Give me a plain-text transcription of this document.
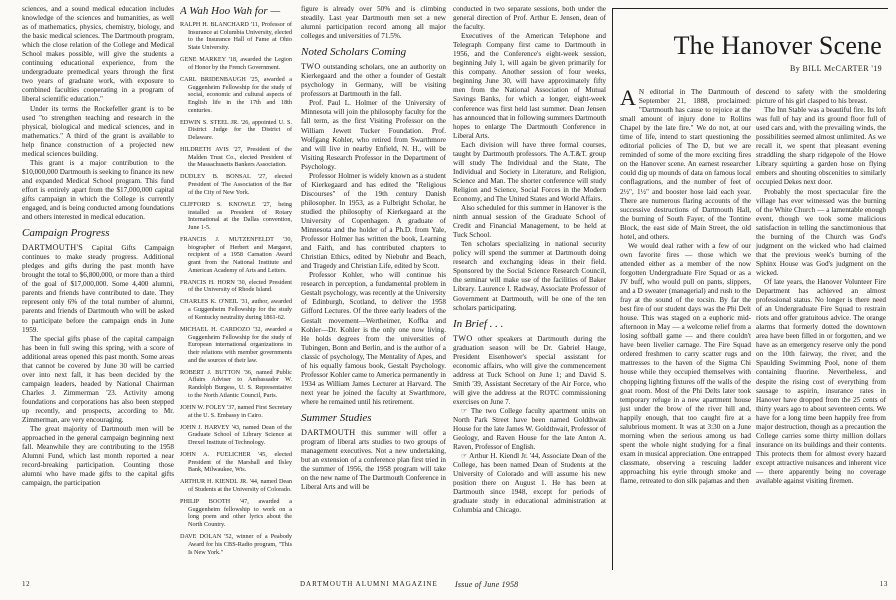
sciences, and a sound medical education includes knowledge of the sciences and humanities, as well as of mathematics, physics, chemistry, biology, and the basic medical sciences. The Dartmouth program, which the close relation of the College and Medical School makes possible, will give the students a continuing educational experience, from the undergraduate premedical years through the first two years of graduate work, with exposure to combined faculties cooperating in a program of liberal scientific education."

Under its terms the Rockefeller grant is to be used "to strengthen teaching and research in the physical, biological and medical sciences, and in mathematics." A third of the grant is available to help finance construction of a projected new medical sciences building.

This grant is a major contribution to the $10,000,000 Dartmouth is seeking to finance its new and expanded Medical School program. This fund effort is entirely apart from the $17,000,000 capital gifts campaign in which the College is currently engaged, and is being conducted among foundations and others interested in medical education.

Campaign Progress

DARTMOUTH'S Capital Gifts Campaign continues to make steady progress. Additional pledges and gifts during the past month have brought the total to $6,800,000, or more than a third of the goal of $17,000,000. Some 4,400 alumni, parents and friends have contributed to date. They represent only 6% of the total number of alumni, parents and friends of Dartmouth who will be asked to participate before the campaign ends in June 1959.

The special gifts phase of the capital campaign has been in full swing this spring, with a score of additional areas opened this past month. Some areas that cannot be covered by June 30 will be carried over into next fall, it has been decided by the campaign leaders, headed by National Chairman Charles J. Zimmerman '23. Activity among foundations and corporations has also been stepped up recently, and prospects, according to Mr. Zimmerman, are very encouraging.

The great majority of Dartmouth men will be approached in the general campaign beginning next fall. Meanwhile they are contributing to the 1958 Alumni Fund, which last month reported a near record-breaking participation. Counting those alumni who have made gifts to the capital gifts campaign, the participation

A Wah Hoo Wah for —

RALPH H. BLANCHARD '11, Professor of Insurance at Columbia University, elected to the Insurance Hall of Fame at Ohio State University.

GENE MARKEY '18, awarded the Legion of Honor by the French Government.

CARL BRIDENBAUGH '25, awarded a Guggenheim Fellowship for the study of social, economic and cultural aspects of English life in the 17th and 18th centuries.

EDWIN S. STEEL JR. '26, appointed U. S. District Judge for the District of Delaware.

HILDRETH AVIS '27, President of the Malden Trust Co., elected President of the Massachusetts Bankers Association.

DUDLEY B. BONSAL '27, elected President of The Association of the Bar of the City of New York.

CLIFFORD S. KNOWLE '27, being installed as President of Rotary International at the Dallas convention, June 1-5.

FRANCIS J. MUTZENFELDT '30, biographer of Herbert and Margaret, recipient of a 1958 Carnation Award grant from the National Institute and American Academy of Arts and Letters.

FRANCIS H. HORN '30, elected President of the University of Rhode Island.

CHARLES K. O'NEIL '31, author, awarded a Guggenheim Fellowship for the study of Kentucky neutrality during 1861-62.

MICHAEL H. CARDOZO '32, awarded a Guggenheim Fellowship for the study of European international organizations in their relations with member governments and the sources of their law.

ROBERT J. BUTTON '36, named Public Affairs Adviser to Ambassador W. Randolph Burgess, U. S. Representative to the North Atlantic Council, Paris.

JOHN W. FOLEY '37, named First Secretary at the U. S. Embassy in Cairo.

JOHN J. HARVEY '43, named Dean of the Graduate School of Library Science at Drexel Institute of Technology.

JOHN A. FUELICHER '45, elected President of the Marshall and Ilsley Bank, Milwaukee, Wis.

ARTHUR H. KIENDL JR. '44, named Dean of Students at the University of Colorado.

PHILIP BOOTH '47, awarded a Guggenheim fellowship to work on a long poem and other lyrics about the North Country.

DAVE DOLAN '52, winner of a Peabody Award for his CBS-Radio program, "This Is New York."

figure is already over 50% and is climbing steadily. Last year Dartmouth men set a new alumni participation record among all major colleges and universities of 71.5%.

Noted Scholars Coming

TWO outstanding scholars, one an authority on Kierkegaard and the other a founder of Gestalt psychology in Germany, will be visiting professors at Dartmouth in the fall.

Prof. Paul L. Holmer of the University of Minnesota will join the philosophy faculty for the fall term, as the first Visiting Professor on the William Jewett Tucker Foundation. Prof. Wolfgang Kohler, who retired from Swarthmore and will live in nearby Enfield, N. H., will be Visiting Research Professor in the Department of Psychology.

Professor Holmer is widely known as a student of Kierkegaard and has edited the "Religious Discourses" of the 19th century Danish philosopher. In 1953, as a Fulbright Scholar, he studied the philosophy of Kierkegaard at the University of Copenhagen. A graduate of Minnesota and the holder of a Ph.D. from Yale, Professor Holmer has written the book, Learning and Faith, and has contributed chapters to Christian Ethics, edited by Niebuhr and Beach, and Tragedy and Christian Life, edited by Scott.

Professor Kohler, who will continue his research in perception, a fundamental problem in Gestalt psychology, was recently at the University of Edinburgh, Scotland, to deliver the 1958 Gifford Lectures. Of the three early leaders of the Gestalt movement—Wertheimer, Koffka and Kohler—Dr. Kohler is the only one now living. He holds degrees from the universities of Tubingen, Bonn and Berlin, and is the author of a classic of psychology, The Mentality of Apes, and of his equally famous book, Gestalt Psychology. Professor Kohler came to America permanently in 1934 as William James Lecturer at Harvard. The next year he joined the faculty at Swarthmore, where he remained until his retirement.

Summer Studies

DARTMOUTH this summer will offer a program of liberal arts studies to two groups of management executives. Not a new undertaking, but an extension of a conference plan first tried in the summer of 1956, the 1958 program will take on the new name of The Dartmouth Conference in Liberal Arts and will be

conducted in two separate sessions, both under the general direction of Prof. Arthur E. Jensen, dean of the faculty.

Executives of the American Telephone and Telegraph Company first came to Dartmouth in 1956, and the Conference's eight-week session, beginning July 1, will again be given primarily for this company. Another session of four weeks, beginning June 30, will have approximately fifty men from the National Association of Mutual Savings Banks, for which a longer, eight-week conference was first held last summer. Dean Jensen has announced that in following summers Dartmouth hopes to enlarge The Dartmouth Conference in Liberal Arts.

Each division will have three formal courses, taught by Dartmouth professors. The A.T.&T. group will study The Individual and the State, The Individual and Society in Literature, and Religion, Science and Man. The shorter conference will study Religion and Science, Social Forces in the Modern Economy, and The United States and World Affairs.

Also scheduled for this summer in Hanover is the ninth annual session of the Graduate School of Credit and Financial Management, to be held at Tuck School.

Ten scholars specializing in national security policy will spend the summer at Dartmouth doing research and exchanging ideas in their field. Sponsored by the Social Science Research Council, the seminar will make use of the facilities of Baker Library. Laurence I. Radway, Associate Professor of Government at Dartmouth, will be one of the ten scholars participating.

In Brief . . .

TWO other speakers at Dartmouth during the graduation season will be Dr. Gabriel Hauge, President Eisenhower's special assistant for economic affairs, who will give the commencement address at Tuck School on June 1; and David S. Smith '39, Assistant Secretary of the Air Force, who will give the address at the ROTC commissioning exercises on June 7.

☞ The two College faculty apartment units on North Park Street have been named Goldthwait House for the late James W. Goldthwait, Professor of Geology, and Raven House for the late Anton A. Raven, Professor of English.

☞ Arthur H. Kiendl Jr. '44, Associate Dean of the College, has been named Dean of Students at the University of Colorado and will assume his new position there on August 1. He has been at Dartmouth since 1948, except for periods of graduate study in educational administration at Columbia and Chicago.

The Hanover Scene
By BILL McCARTER '19

A N editorial in The Dartmouth of September 21, 1888, proclaimed: "Dartmouth has cause to rejoice at the small amount of injury done to Rollins Chapel by the late fire." We do not, at our time of life, intend to start questioning the editorial policies of The D, but we are reminded of some of the more exciting fires on the Hanover scene. An earnest researcher could dig up mounds of data on famous local conflagrations, and the number of feet of 2½", 1½" and booster hose laid each year. There are numerous flaring accounts of the successive destructions of Dartmouth Hall, the burning of South Fayer, of the Tontine Block, the east side of Main Street, the old hotel, and others.

We would deal rather with a few of our own favorite fires — those which we attended either as a member of the now forgotten Undergraduate Fire Squad or as a JV buff, who would pull on pants, slippers, and a D sweater (managerial) and rush to the fray at the sound of the tocsin. By far the best fire of our student days was the Phi Delt house. This was staged on a euphoric mid-afternoon in May — a welcome relief from a losing softball game — and there couldn't have been livelier carnage. The Fire Squad ordered freshmen to carry scatter rugs and mattresses to the haven of the Sigma Chi house while they occupied themselves with chopping lighting fixtures off the walls of the goat room. Most of the Phi Delts later took temporary refuge in a new apartment house just under the brow of the river hill and, happily enough, that too caught fire at a salubrious moment. It was at 3:30 on a June morning when the serious among us had spent the whole night studying for a final exam in musical appreciation. One entrapped classmate, observing a rescuing ladder approaching his eyrie through smoke and flame, retreated to don silk pajamas and then

descend to safety with the smoldering picture of his girl clasped to his breast.

The Inn Stable was a beautiful fire. Its loft was full of hay and its ground floor full of used cars and, with the prevailing winds, the possibilities seemed almost unlimited. As we recall it, we spent that pleasant evening straddling the sharp ridgepole of the Howe Library squirting a garden hose on flying embers and shouting obscenities to similarly occupied Dekes next door.

Probably the most spectacular fire the village has ever witnessed was the burning of the White Church — a lamentable enough event, though we took some malicious satisfaction in telling the sanctimonious that the burning of the Church was God's judgment on the wicked who had claimed that the previous week's burning of the Sphinx House was God's judgment on the wicked.

Of late years, the Hanover Volunteer Fire Department has achieved an almost professional status. No longer is there need of an Undergraduate Fire Squad to restrain riots and offer gratuitous advice. The orange alarms that formerly dotted the downtown area have been filled in or forgotten, and we have as an emergency reserve only the pond on the 10th fairway, the river, and the Spaulding Swimming Pool, none of them containing fluorine. Nevertheless, and despite the rising cost of everything from sausage to aspirin, insurance rates in Hanover have dropped from the 25 cents of thirty years ago to about seventeen cents. We have for a long time been happily free from major destruction, though as a precaution the College carries some thirty million dollars insurance on its buildings and their contents. This protects them for almost every hazard except attractive nuisances and inherent vice — there apparently being no coverage available against visiting firemen.

12	DARTMOUTH ALUMNI MAGAZINE Issue of June 1958	13
